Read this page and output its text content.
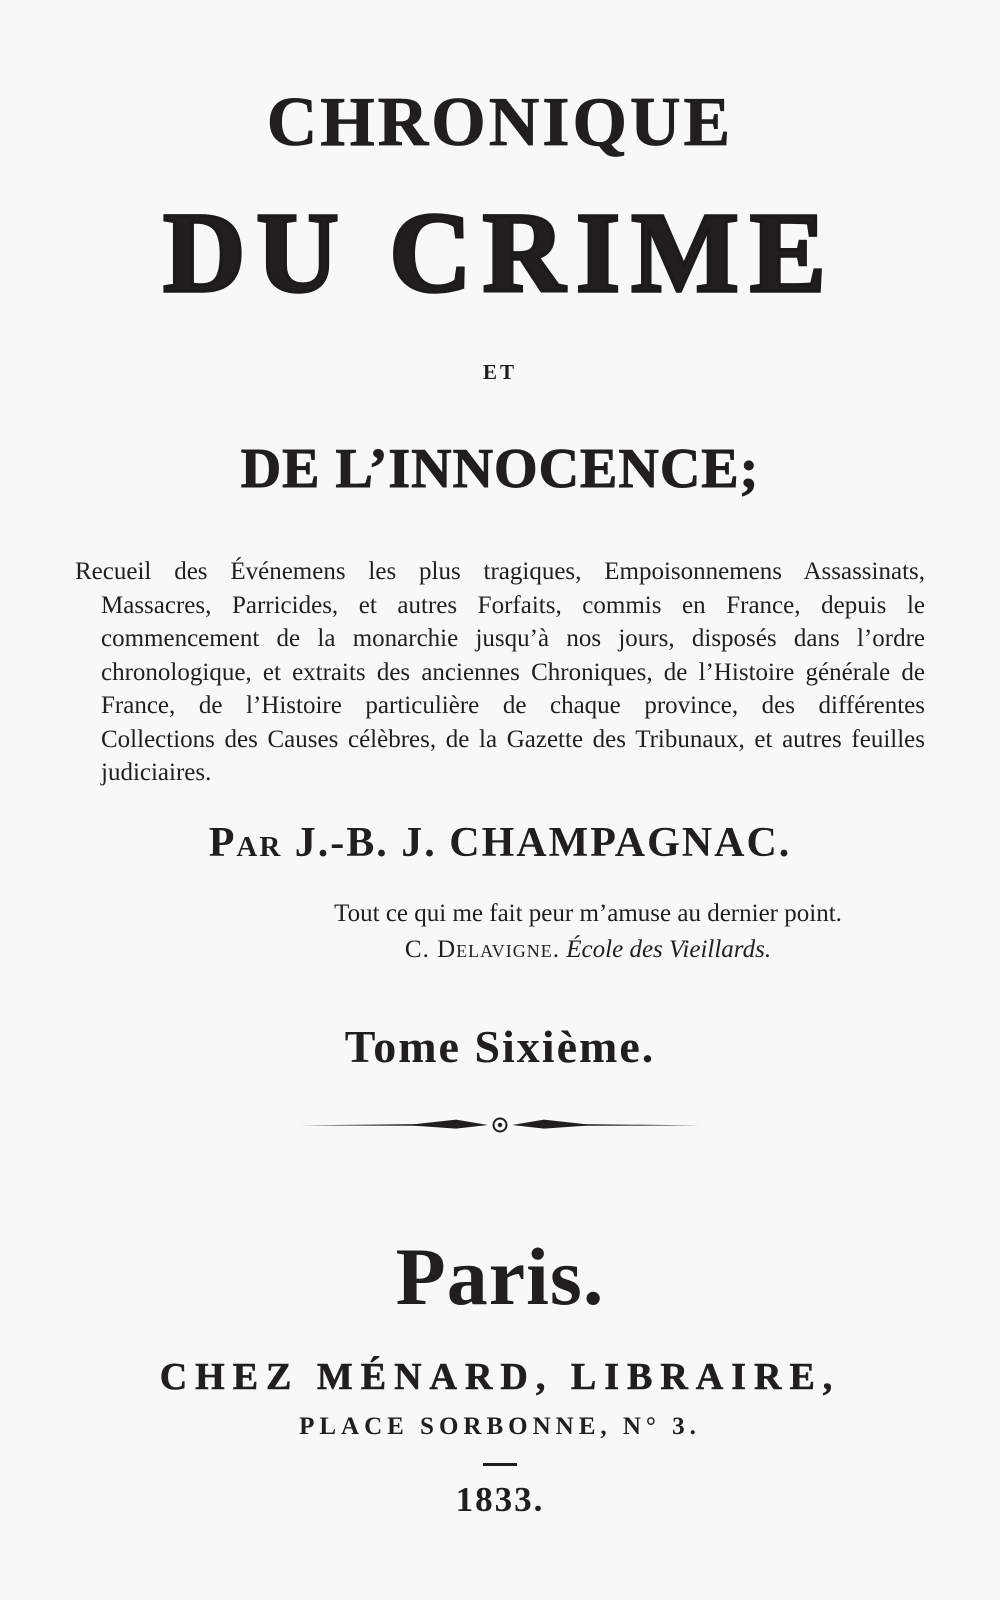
CHRONIQUE
DU CRIME
ET
DE L’INNOCENCE;

Recueil des Événemens les plus tragiques, Empoisonnemens Assassinats, Massacres, Parricides, et autres Forfaits, commis en France, depuis le commencement de la monarchie jusqu’à nos jours, disposés dans l’ordre chronologique, et extraits des anciennes Chroniques, de l’Histoire générale de France, de l’Histoire particulière de chaque province, des différentes Collections des Causes célèbres, de la Gazette des Tribunaux, et autres feuilles judiciaires.

Par J.-B. J. CHAMPAGNAC.
Tout ce qui me fait peur m’amuse au dernier point.
C. Delavigne. École des Vieillards.
Tome Sixième.
Paris.
CHEZ MÉNARD, LIBRAIRE,
PLACE SORBONNE, N° 3.
1833.
